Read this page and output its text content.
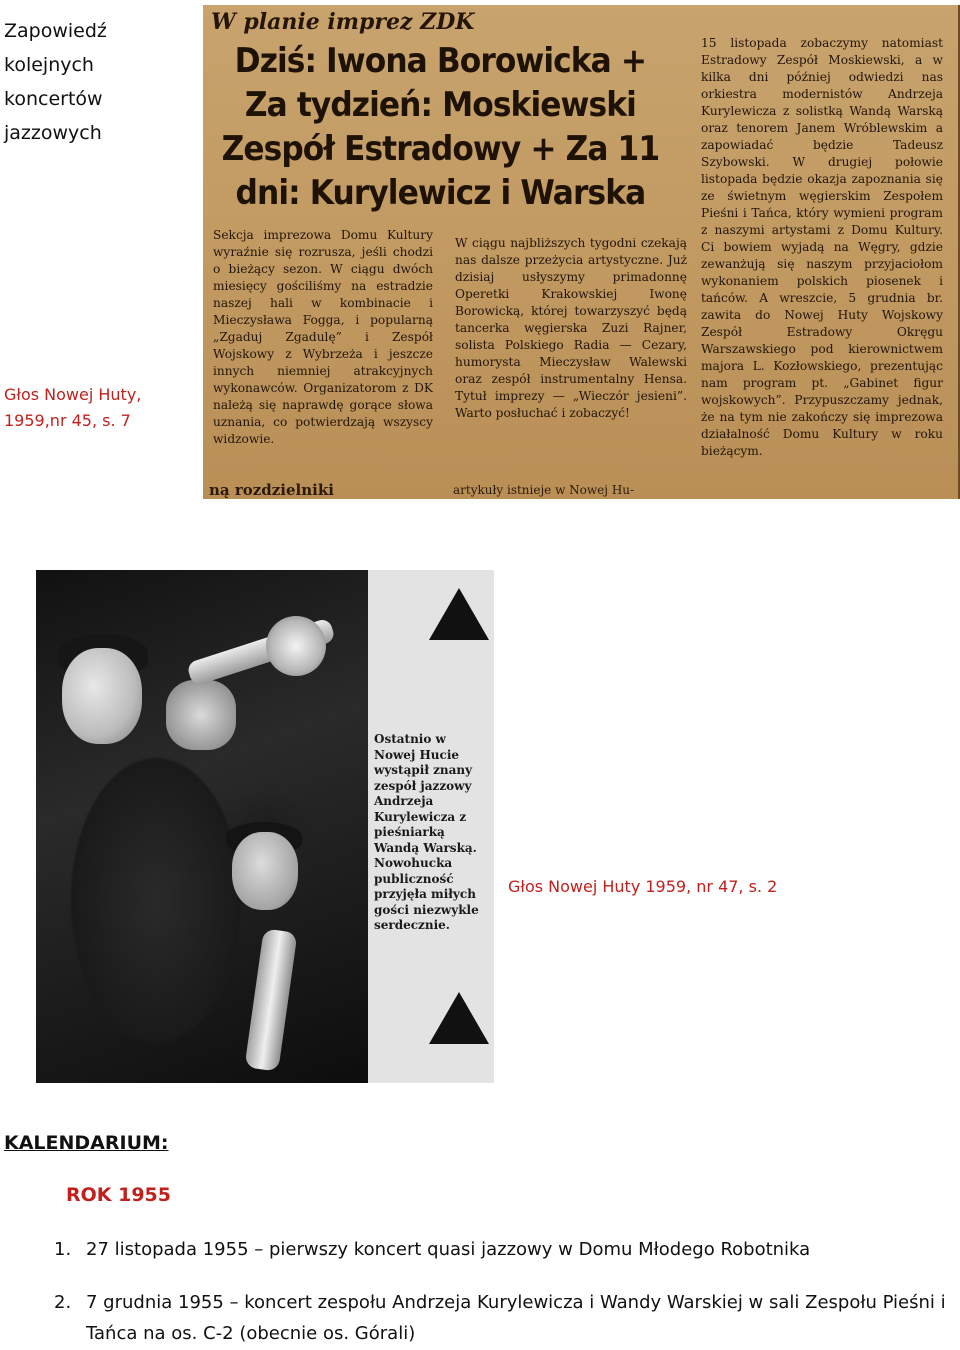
Zapowiedź kolejnych koncertów jazzowych
Głos Nowej Huty, 1959,nr 45, s. 7
W planie imprez ZDK
Dziś: Iwona Borowicka + Za tydzień: Moskiewski Zespół Estradowy + Za 11 dni: Kurylewicz i Warska
Sekcja imprezowa Domu Kultury wyraźnie się rozrusza, jeśli chodzi o bieżący sezon. W ciągu dwóch miesięcy gościliśmy na estradzie naszej hali w kombinacie i Mieczysława Fogga, i popularną „Zgaduj Zgadulę” i Zespół Wojskowy z Wybrzeża i jeszcze innych niemniej atrakcyjnych wykonawców. Organizatorom z DK należą się naprawdę gorące słowa uznania, co potwierdzają wszyscy widzowie.
W ciągu najbliższych tygodni czekają nas dalsze przeżycia artystyczne. Już dzisiaj usłyszymy primadonnę Operetki Krakowskiej Iwonę Borowicką, której towarzyszyć będą tancerka węgierska Zuzi Rajner, solista Polskiego Radia — Cezary, humorysta Mieczysław Walewski oraz zespół instrumentalny Hensa. Tytuł imprezy — „Wieczór jesieni”. Warto posłuchać i zobaczyć!
15 listopada zobaczymy natomiast Estradowy Zespół Moskiewski, a w kilka dni później odwiedzi nas orkiestra modernistów Andrzeja Kurylewicza z solistką Wandą Warską oraz tenorem Janem Wróblewskim a zapowiadać będzie Tadeusz Szybowski. W drugiej połowie listopada będzie okazja zapoznania się ze świetnym węgierskim Zespołem Pieśni i Tańca, który wymieni program z naszymi artystami z Domu Kultury. Ci bowiem wyjadą na Węgry, gdzie zewanżują się naszym przyjaciołom wykonaniem polskich piosenek i tańców. A wreszcie, 5 grudnia br. zawita do Nowej Huty Wojskowy Zespół Estradowy Okręgu Warszawskiego pod kierownictwem majora L. Kozłowskiego, prezentując nam program pt. „Gabinet figur wojskowych”. Przypuszczamy jednak, że na tym nie zakończy się imprezowa działalność Domu Kultury w roku bieżącym.
ną rozdzielniki	artykuły istnieje w Nowej Hu-
Ostatnio w Nowej Hucie wystąpił znany zespół jazzowy Andrzeja Kurylewicza z pieśniarką Wandą Warską. Nowohucka publiczność przyjęła miłych gości niezwykle serdecznie.
Głos Nowej Huty 1959, nr 47, s. 2
KALENDARIUM:
ROK 1955
1. 27 listopada 1955 – pierwszy koncert quasi jazzowy w Domu Młodego Robotnika
2. 7 grudnia 1955 – koncert zespołu Andrzeja Kurylewicza i Wandy Warskiej w sali Zespołu Pieśni i Tańca na os. C-2 (obecnie os. Górali)
